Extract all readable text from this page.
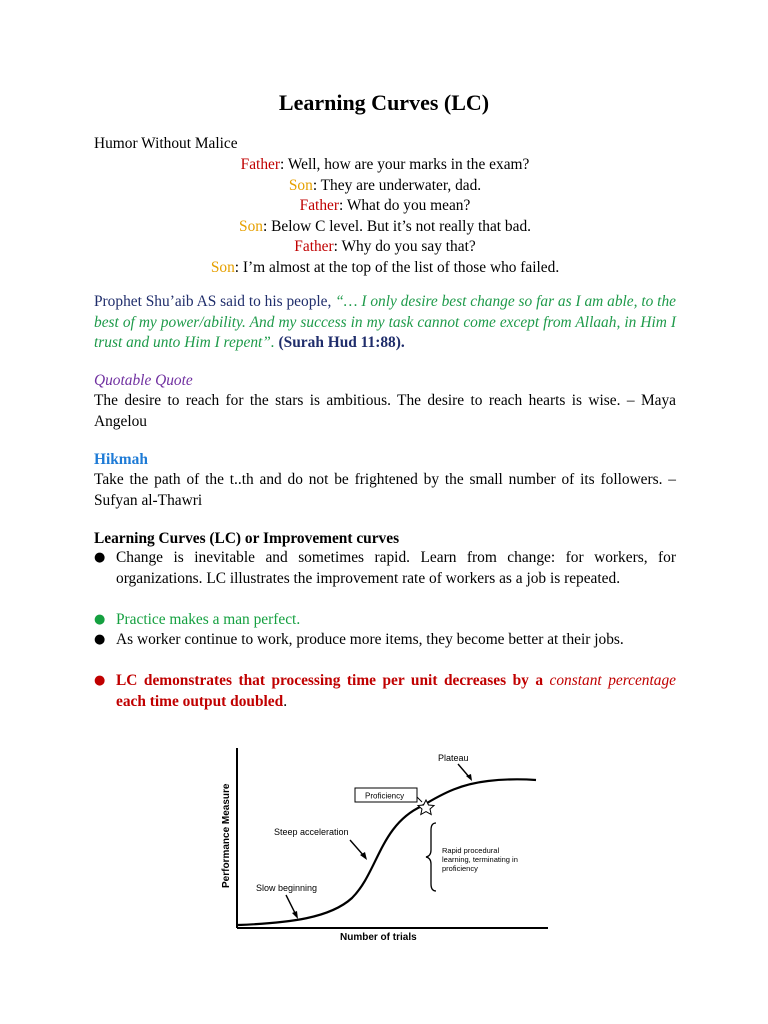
Learning Curves (LC)
Humor Without Malice
Father: Well, how are your marks in the exam?
Son: They are underwater, dad.
Father: What do you mean?
Son: Below C level. But it’s not really that bad.
Father: Why do you say that?
Son: I’m almost at the top of the list of those who failed.
Prophet Shu’aib AS said to his people, “… I only desire best change so far as I am able, to the best of my power/ability. And my success in my task cannot come except from Allaah, in Him I trust and unto Him I repent”. (Surah Hud 11:88).
Quotable Quote
The desire to reach for the stars is ambitious. The desire to reach hearts is wise. – Maya Angelou
Hikmah
Take the path of the t..th and do not be frightened by the small number of its followers. –Sufyan al-Thawri
Learning Curves (LC) or Improvement curves
● Change is inevitable and sometimes rapid. Learn from change: for workers, for organizations. LC illustrates the improvement rate of workers as a job is repeated.
● Practice makes a man perfect.
● As worker continue to work, produce more items, they become better at their jobs.
● LC demonstrates that processing time per unit decreases by a constant percentage each time output doubled.
Plateau
Proficiency
Steep acceleration
Slow beginning
Rapid procedural
learning, terminating in
proficiency
Number of trials
Performance Measure
